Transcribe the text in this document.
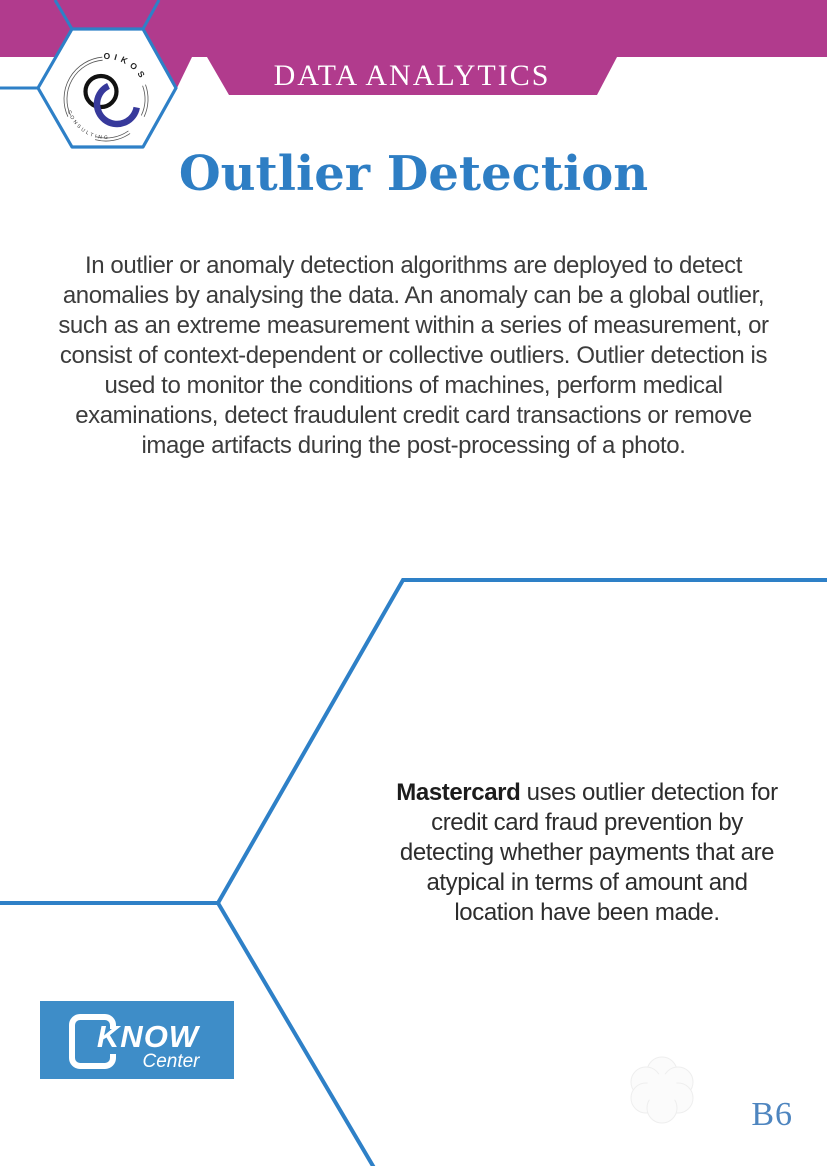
OIKOS
CONSULTING
DATA ANALYTICS
Outlier Detection
In outlier or anomaly detection algorithms are deployed to detect anomalies by analysing the data. An anomaly can be a global outlier, such as an extreme measurement within a series of measurement, or consist of context-dependent or collective outliers. Outlier detection is used to monitor the conditions of machines, perform medical examinations, detect fraudulent credit card transactions or remove image artifacts during the post-processing of a photo.
Mastercard uses outlier detection for credit card fraud prevention by detecting whether payments that are atypical in terms of amount and location have been made.
KNOW
Center
B6
